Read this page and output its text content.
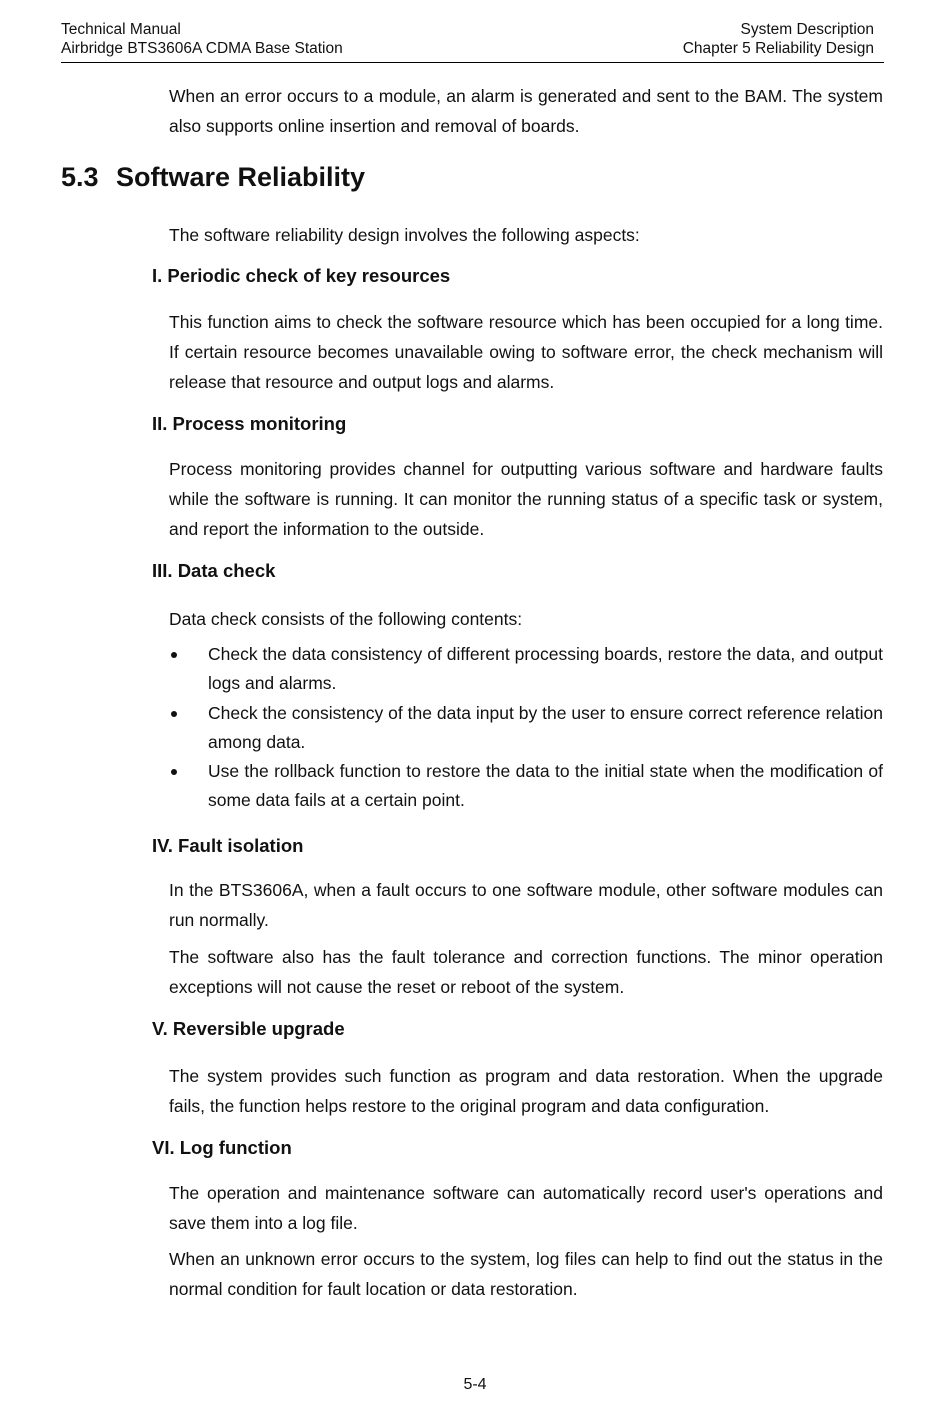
Technical Manual
Airbridge BTS3606A CDMA Base Station
System Description
Chapter 5 Reliability Design

When an error occurs to a module, an alarm is generated and sent to the BAM. The system also supports online insertion and removal of boards.

5.3 Software Reliability

The software reliability design involves the following aspects:

I. Periodic check of key resources

This function aims to check the software resource which has been occupied for a long time. If certain resource becomes unavailable owing to software error, the check mechanism will release that resource and output logs and alarms.

II. Process monitoring

Process monitoring provides channel for outputting various software and hardware faults while the software is running. It can monitor the running status of a specific task or system, and report the information to the outside.

III. Data check

Data check consists of the following contents:

Check the data consistency of different processing boards, restore the data, and output logs and alarms.

Check the consistency of the data input by the user to ensure correct reference relation among data.

Use the rollback function to restore the data to the initial state when the modification of some data fails at a certain point.

IV. Fault isolation

In the BTS3606A, when a fault occurs to one software module, other software modules can run normally.

The software also has the fault tolerance and correction functions. The minor operation exceptions will not cause the reset or reboot of the system.

V. Reversible upgrade

The system provides such function as program and data restoration. When the upgrade fails, the function helps restore to the original program and data configuration.

VI. Log function

The operation and maintenance software can automatically record user's operations and save them into a log file.

When an unknown error occurs to the system, log files can help to find out the status in the normal condition for fault location or data restoration.

5-4
